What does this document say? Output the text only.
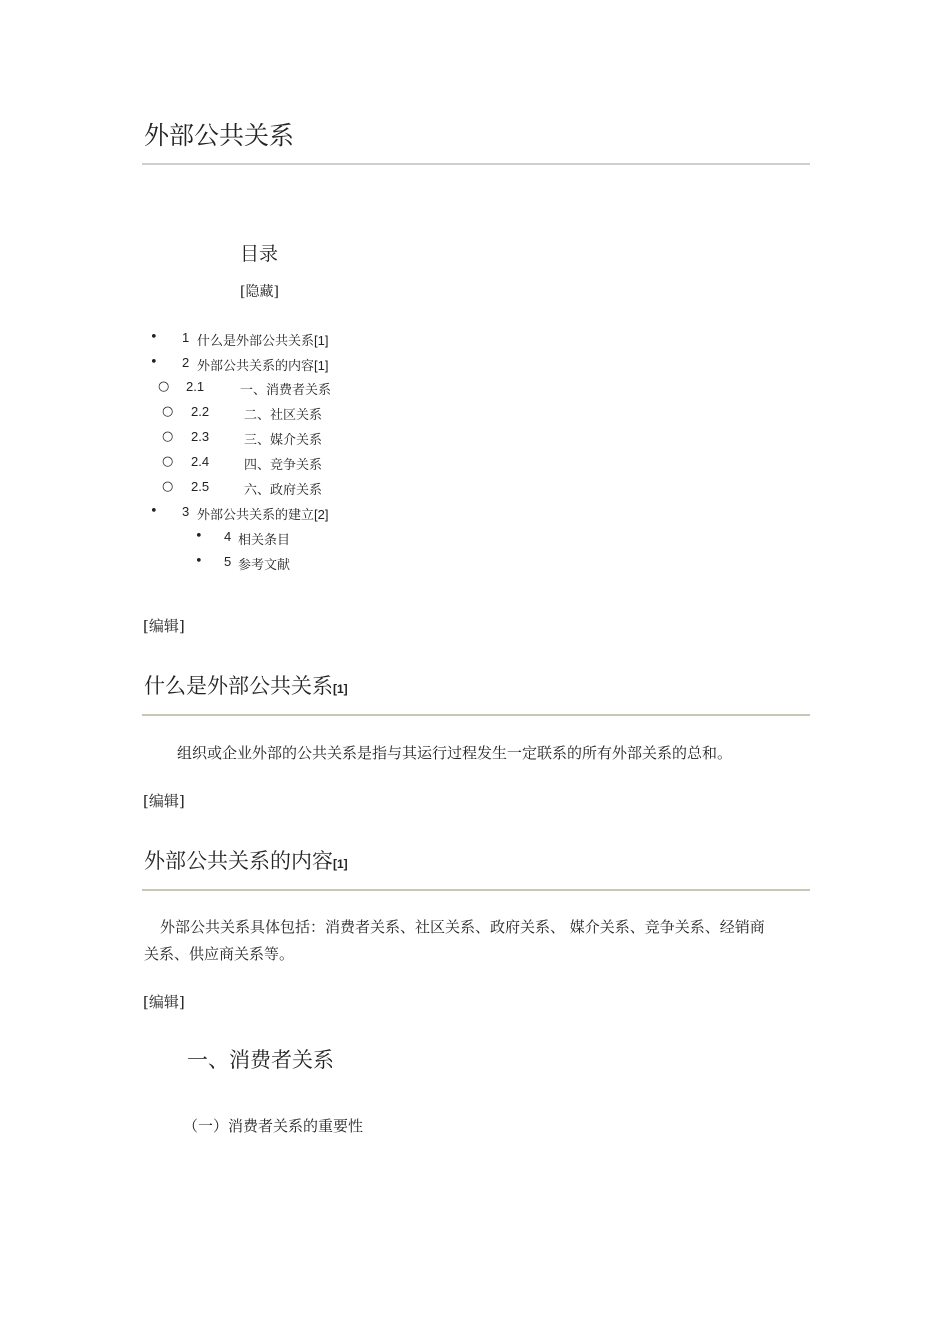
外部公共关系
目录
[隐藏]
• 1 什么是外部公共关系[1]
• 2 外部公共关系的内容[1]
○ 2.1	一、消费者关系
○ 2.2	二、社区关系
○ 2.3	三、媒介关系
○ 2.4	四、竞争关系
○ 2.5	六、政府关系
• 3 外部公共关系的建立[2]
• 4 相关条目
• 5 参考文献
[编辑]
什么是外部公共关系[1]
组织或企业外部的公共关系是指与其运行过程发生一定联系的所有外部关系的总和。
[编辑]
外部公共关系的内容[1]
外部公共关系具体包括：消费者关系、社区关系、政府关系、 媒介关系、竞争关系、经销商
关系、供应商关系等。
[编辑]
一、消费者关系
（一）消费者关系的重要性
